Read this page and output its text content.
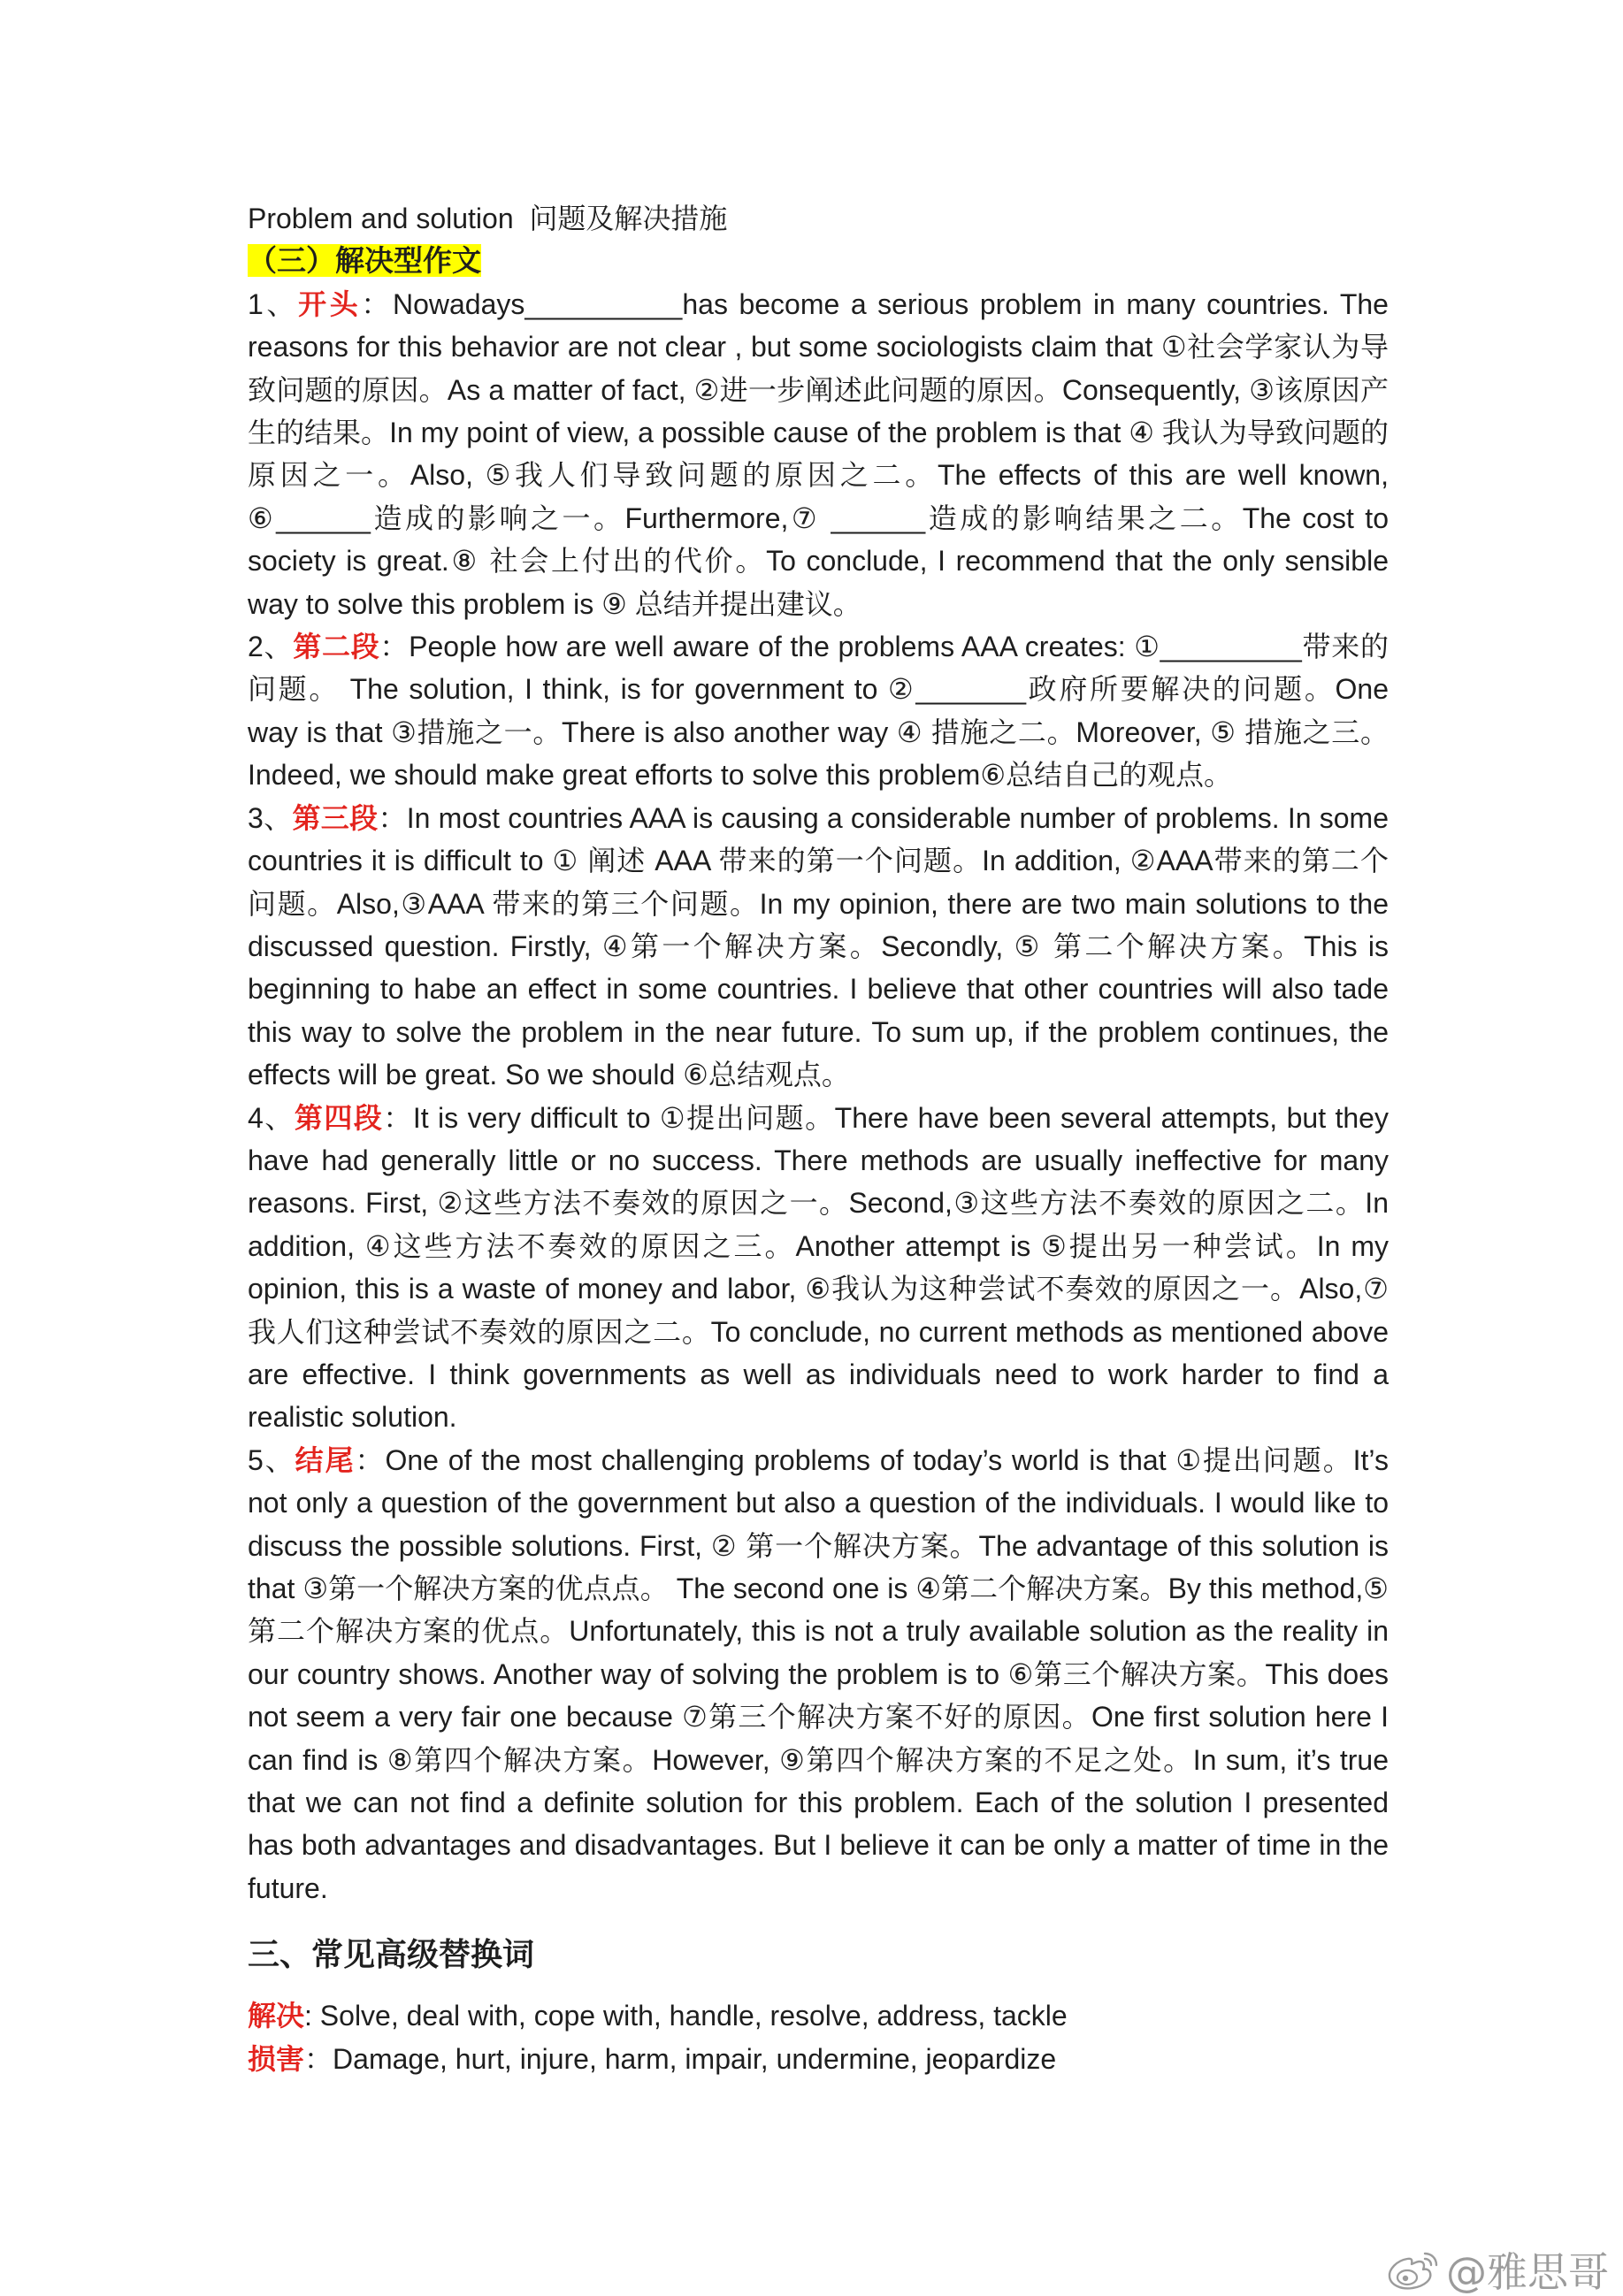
Problem and solution  问题及解决措施

（三）解决型作文

1、开头：Nowadays__________has become a serious problem in many countries. The reasons for this behavior are not clear , but some sociologists claim that ①社会学家认为导致问题的原因。As a matter of fact, ②进一步阐述此问题的原因。Consequently, ③该原因产生的结果。In my point of view, a possible cause of the problem is that ④ 我认为导致问题的原因之一。Also, ⑤我人们导致问题的原因之二。The effects of this are well known, ⑥______造成的影响之一。Furthermore,⑦ ______造成的影响结果之二。The cost to society is great.⑧ 社会上付出的代价。To conclude, I recommend that the only sensible way to solve this problem is ⑨ 总结并提出建议。

2、第二段：People how are well aware of the problems AAA creates: ①_________带来的问题。 The solution, I think, is for government to ②_______政府所要解决的问题。One way is that ③措施之一。There is also another way ④ 措施之二。Moreover, ⑤ 措施之三。Indeed, we should make great efforts to solve this problem⑥总结自己的观点。

3、第三段：In most countries AAA is causing a considerable number of problems. In some countries it is difficult to ① 阐述 AAA 带来的第一个问题。In addition, ②AAA带来的第二个问题。Also,③AAA 带来的第三个问题。In my opinion, there are two main solutions to the discussed question. Firstly, ④第一个解决方案。Secondly, ⑤ 第二个解决方案。This is beginning to habe an effect in some countries. I believe that other countries will also tade this way to solve the problem in the near future. To sum up, if the problem continues, the effects will be great. So we should ⑥总结观点。

4、第四段：It is very difficult to ①提出问题。There have been several attempts, but they have had generally little or no success. There methods are usually ineffective for many reasons. First, ②这些方法不奏效的原因之一。Second,③这些方法不奏效的原因之二。In addition, ④这些方法不奏效的原因之三。Another attempt is ⑤提出另一种尝试。In my opinion, this is a waste of money and labor, ⑥我认为这种尝试不奏效的原因之一。Also,⑦我人们这种尝试不奏效的原因之二。To conclude, no current methods as mentioned above are effective. I think governments as well as individuals need to work harder to find a realistic solution.

5、结尾：One of the most challenging problems of today’s world is that ①提出问题。It’s not only a question of the government but also a question of the individuals. I would like to discuss the possible solutions. First, ② 第一个解决方案。The advantage of this solution is that ③第一个解决方案的优点点。 The second one is ④第二个解决方案。By this method,⑤第二个解决方案的优点。Unfortunately, this is not a truly available solution as the reality in our country shows. Another way of solving the problem is to ⑥第三个解决方案。This does not seem a very fair one because ⑦第三个解决方案不好的原因。One first solution here I can find is ⑧第四个解决方案。However, ⑨第四个解决方案的不足之处。In sum, it’s true that we can not find a definite solution for this problem. Each of the solution I presented has both advantages and disadvantages. But I believe it can be only a matter of time in the future.

三、常见高级替换词

解决: Solve, deal with, cope with, handle, resolve, address, tackle

损害：Damage, hurt, injure, harm, impair, undermine, jeopardize

@雅思哥
